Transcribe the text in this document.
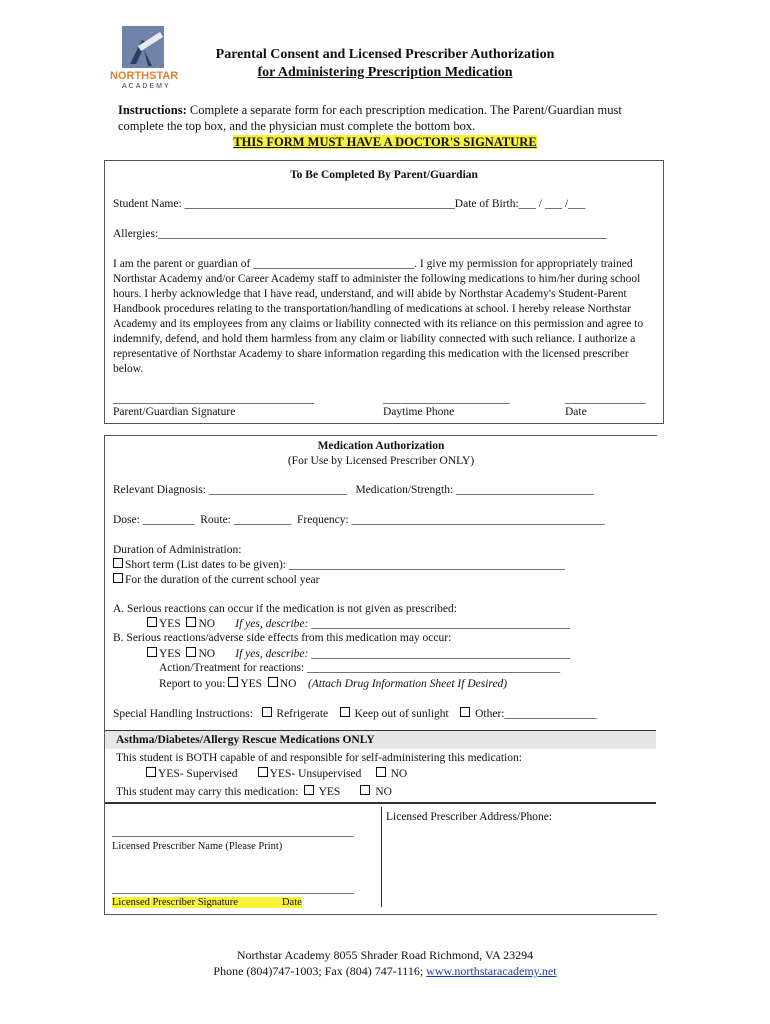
NORTHSTAR
ACADEMY
Parental Consent and Licensed Prescriber Authorization
for Administering Prescription Medication
Instructions: Complete a separate form for each prescription medication. The Parent/Guardian must complete the top box, and the physician must complete the bottom box.
THIS FORM MUST HAVE A DOCTOR'S SIGNATURE
To Be Completed By Parent/Guardian
Student Name: _______________________________________________Date of Birth:___ / ___ /___
Allergies:______________________________________________________________________________
I am the parent or guardian of ____________________________. I give my permission for appropriately trained Northstar Academy and/or Career Academy staff to administer the following medications to him/her during school hours. I herby acknowledge that I have read, understand, and will abide by Northstar Academy's Student-Parent Handbook procedures relating to the transportation/handling of medications at school. I hereby release Northstar Academy and its employees from any claims or liability connected with its reliance on this permission and agree to indemnify, defend, and hold them harmless from any claim or liability connected with such reliance. I authorize a representative of Northstar Academy to share information regarding this medication with the licensed prescriber below.
___________________________________	______________________	______________
Parent/Guardian Signature	Daytime Phone	Date
Medication Authorization
(For Use by Licensed Prescriber ONLY)
Relevant Diagnosis: ________________________   Medication/Strength: ________________________
Dose: _________  Route: __________  Frequency: ____________________________________________
Duration of Administration:
Short term (List dates to be given): ________________________________________________
For the duration of the current school year
A. Serious reactions can occur if the medication is not given as prescribed:
YES NO If yes, describe: _____________________________________________
B. Serious reactions/adverse side effects from this medication may occur:
YES NO If yes, describe: _____________________________________________
Action/Treatment for reactions: ____________________________________________
Report to you: YES NO (Attach Drug Information Sheet If Desired)
Special Handling Instructions: Refrigerate Keep out of sunlight Other:________________
Asthma/Diabetes/Allergy Rescue Medications ONLY
This student is BOTH capable of and responsible for self-administering this medication:
YES- Supervised	YES- Unsupervised	NO
This student may carry this medication: YES	NO
__________________________________________
Licensed Prescriber Name (Please Print)
__________________________________________
Licensed Prescriber Signature	Date
Licensed Prescriber Address/Phone:
Northstar Academy 8055 Shrader Road Richmond, VA 23294
Phone (804)747-1003; Fax (804) 747-1116; www.northstaracademy.net
